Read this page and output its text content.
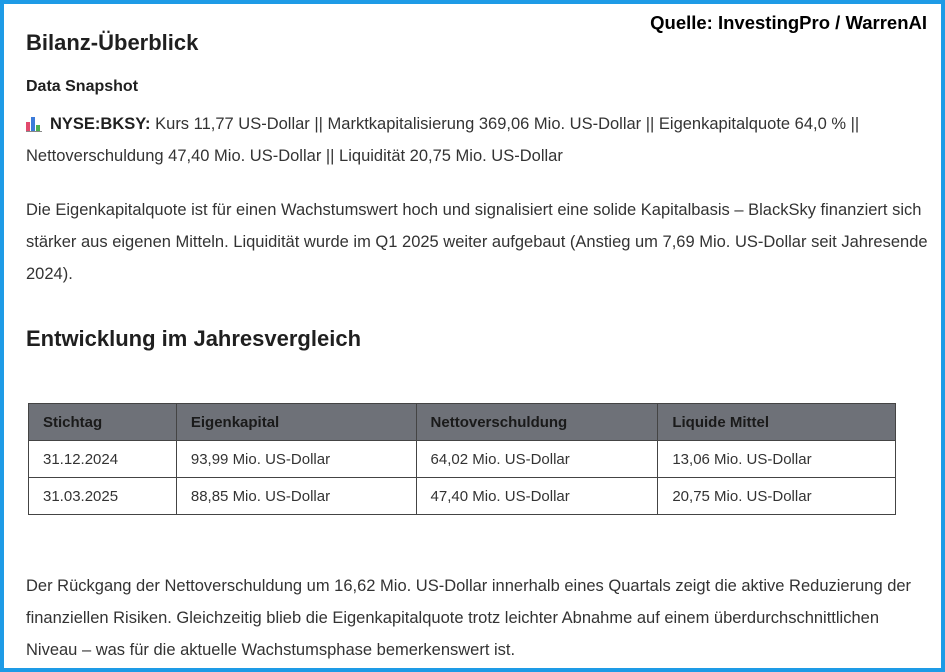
Quelle: InvestingPro / WarrenAI
Bilanz-Überblick
Data Snapshot
NYSE:BKSY: Kurs 11,77 US-Dollar || Marktkapitalisierung 369,06 Mio. US-Dollar || Eigenkapitalquote 64,0 % || Nettoverschuldung 47,40 Mio. US-Dollar || Liquidität 20,75 Mio. US-Dollar
Die Eigenkapitalquote ist für einen Wachstumswert hoch und signalisiert eine solide Kapitalbasis – BlackSky finanziert sich stärker aus eigenen Mitteln. Liquidität wurde im Q1 2025 weiter aufgebaut (Anstieg um 7,69 Mio. US-Dollar seit Jahresende 2024).
Entwicklung im Jahresvergleich
Stichtag	Eigenkapital	Nettoverschuldung	Liquide Mittel
31.12.2024	93,99 Mio. US-Dollar	64,02 Mio. US-Dollar	13,06 Mio. US-Dollar
31.03.2025	88,85 Mio. US-Dollar	47,40 Mio. US-Dollar	20,75 Mio. US-Dollar
Der Rückgang der Nettoverschuldung um 16,62 Mio. US-Dollar innerhalb eines Quartals zeigt die aktive Reduzierung der finanziellen Risiken. Gleichzeitig blieb die Eigenkapitalquote trotz leichter Abnahme auf einem überdurchschnittlichen Niveau – was für die aktuelle Wachstumsphase bemerkenswert ist.
